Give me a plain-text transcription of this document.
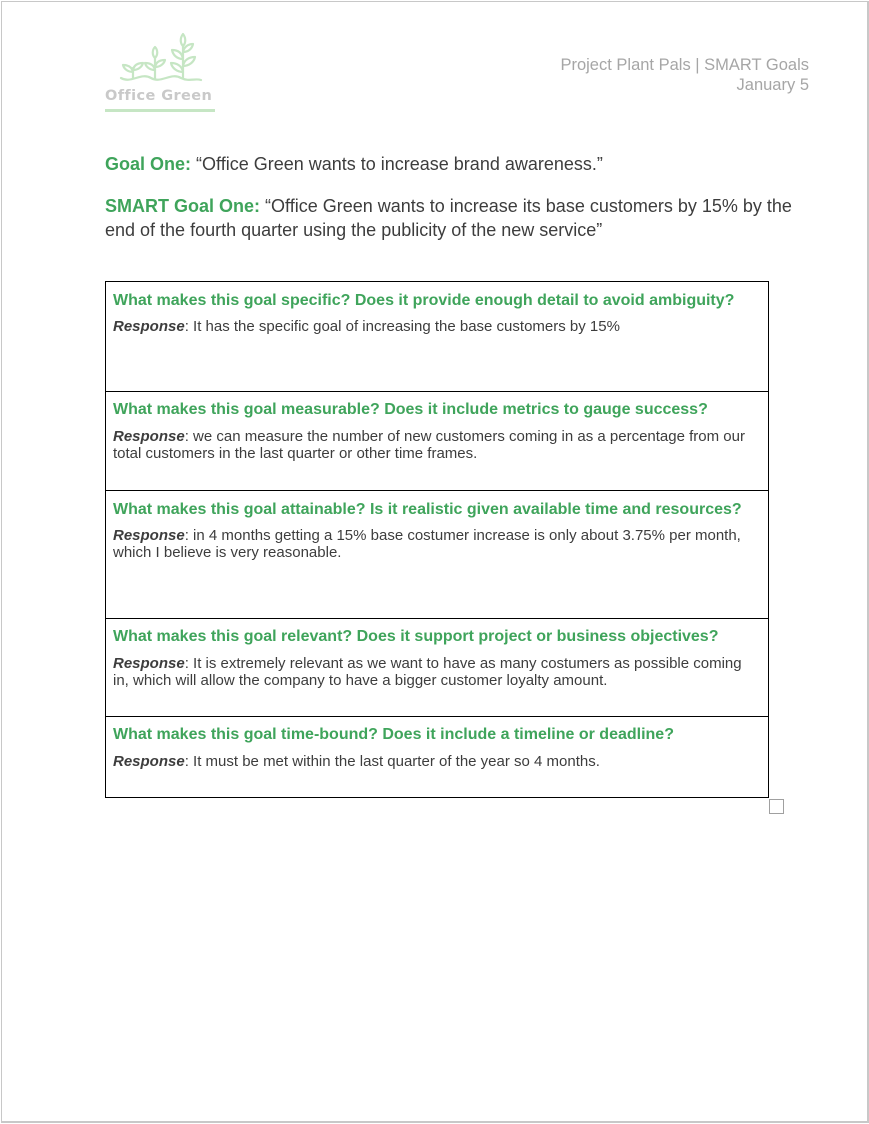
Office Green
Project Plant Pals | SMART Goals
January 5
Goal One: “Office Green wants to increase brand awareness.”
SMART Goal One: “Office Green wants to increase its base customers by 15% by the end of the fourth quarter using the publicity of the new service”
What makes this goal specific? Does it provide enough detail to avoid ambiguity?
Response: It has the specific goal of increasing the base customers by 15%

What makes this goal measurable? Does it include metrics to gauge success?
Response: we can measure the number of new customers coming in as a percentage from our total customers in the last quarter or other time frames.

What makes this goal attainable? Is it realistic given available time and resources?
Response: in 4 months getting a 15% base costumer increase is only about 3.75% per month, which I believe is very reasonable.

What makes this goal relevant? Does it support project or business objectives?
Response: It is extremely relevant as we want to have as many costumers as possible coming in, which will allow the company to have a bigger customer loyalty amount.

What makes this goal time-bound? Does it include a timeline or deadline?
Response: It must be met within the last quarter of the year so 4 months.
